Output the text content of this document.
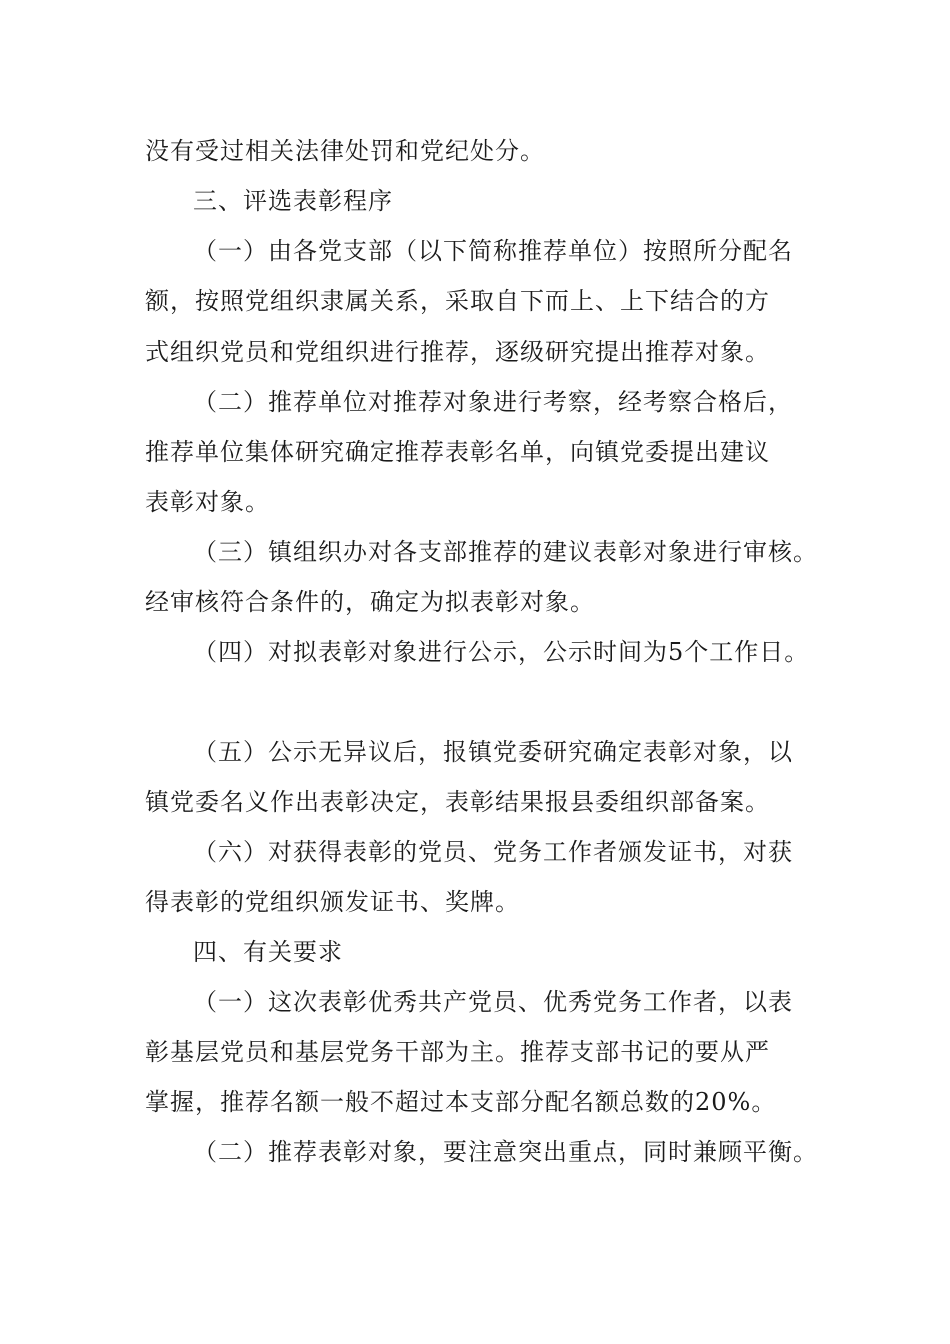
没有受过相关法律处罚和党纪处分。
三、评选表彰程序
（一）由各党支部（以下简称推荐单位）按照所分配名
额，按照党组织隶属关系，采取自下而上、上下结合的方
式组织党员和党组织进行推荐，逐级研究提出推荐对象。
（二）推荐单位对推荐对象进行考察，经考察合格后，
推荐单位集体研究确定推荐表彰名单，向镇党委提出建议
表彰对象。
（三）镇组织办对各支部推荐的建议表彰对象进行审核。
经审核符合条件的，确定为拟表彰对象。
（四）对拟表彰对象进行公示，公示时间为5个工作日。
（五）公示无异议后，报镇党委研究确定表彰对象，以
镇党委名义作出表彰决定，表彰结果报县委组织部备案。
（六）对获得表彰的党员、党务工作者颁发证书，对获
得表彰的党组织颁发证书、奖牌。
四、有关要求
（一）这次表彰优秀共产党员、优秀党务工作者，以表
彰基层党员和基层党务干部为主。推荐支部书记的要从严
掌握，推荐名额一般不超过本支部分配名额总数的20%。
（二）推荐表彰对象，要注意突出重点，同时兼顾平衡。
